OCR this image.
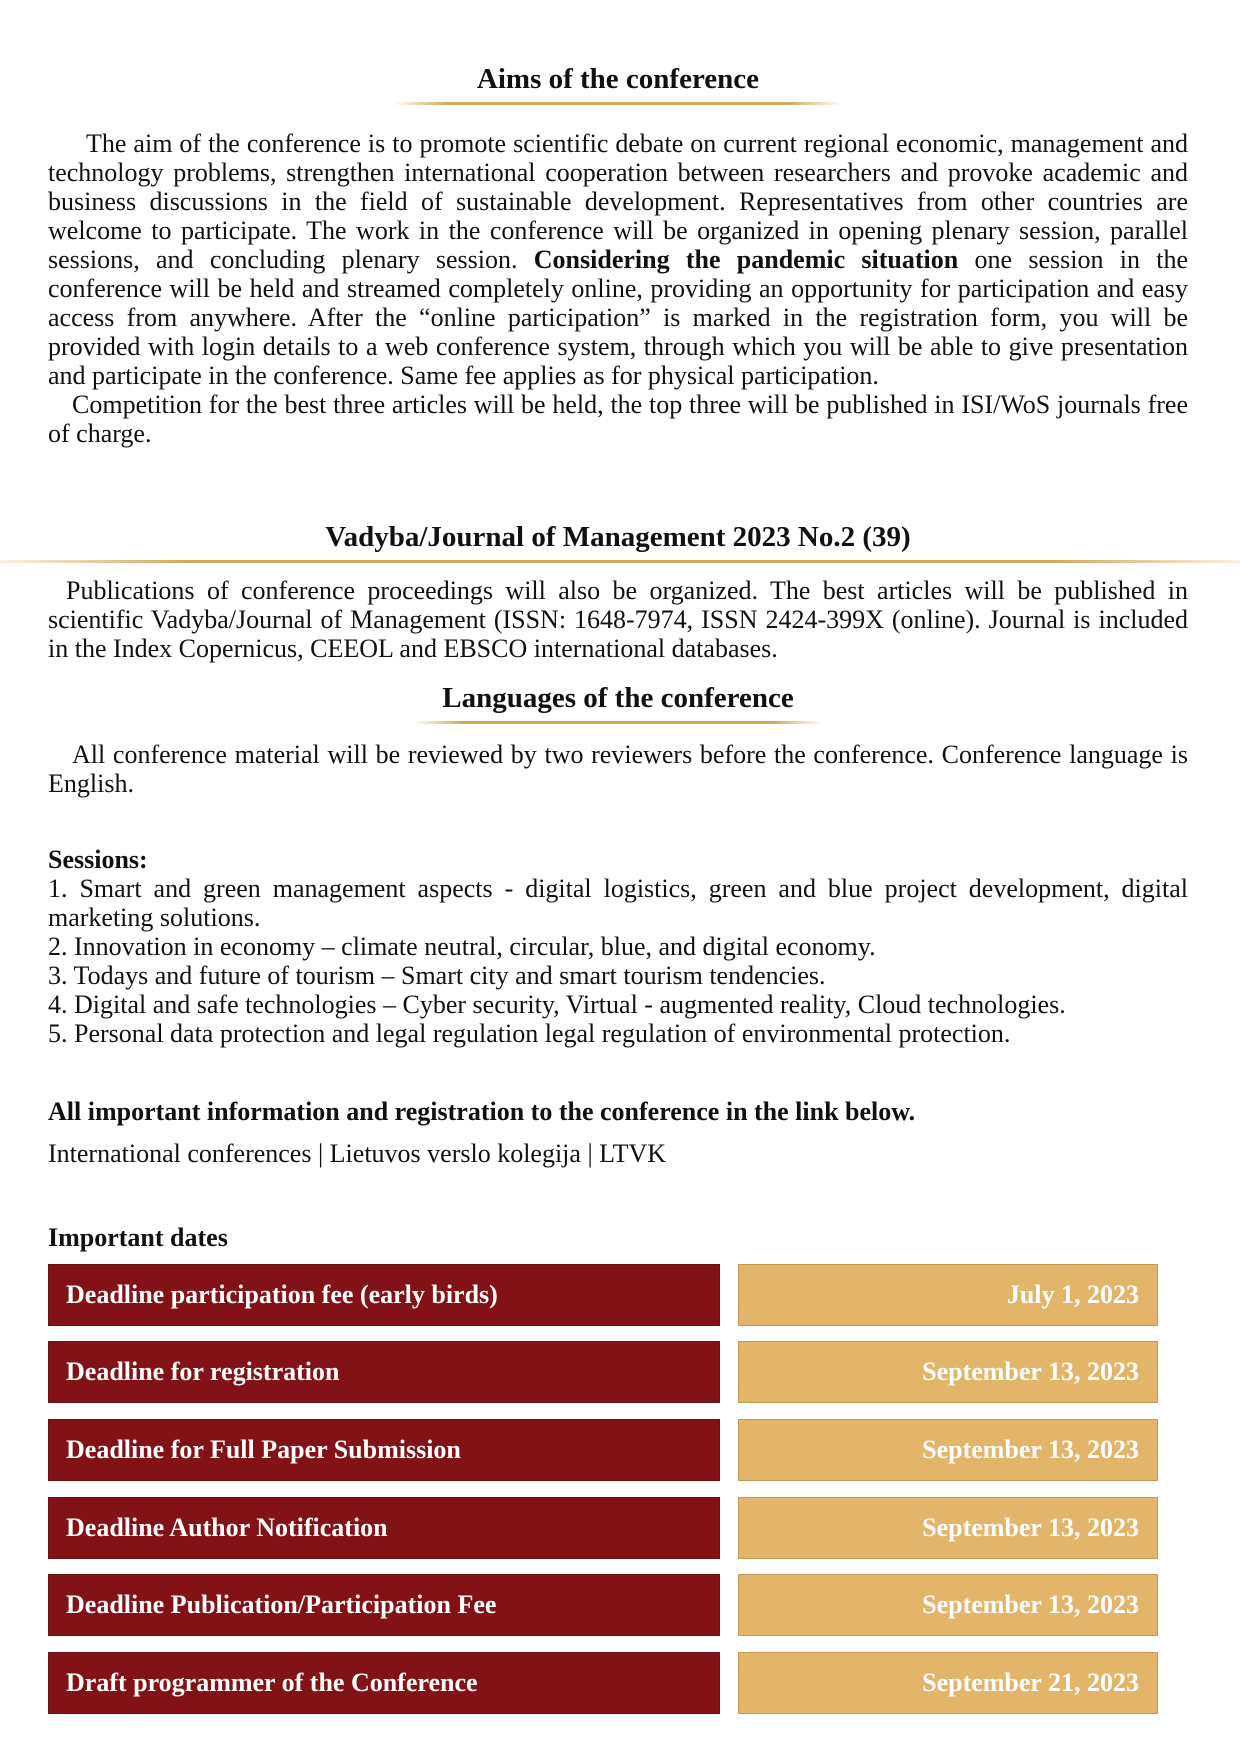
Aims of the conference

The aim of the conference is to promote scientific debate on current regional economic, management and technology problems, strengthen international cooperation between researchers and provoke academic and business discussions in the field of sustainable development. Representatives from other countries are welcome to participate. The work in the conference will be organized in opening plenary session, parallel sessions, and concluding plenary session. Considering the pandemic situation one session in the conference will be held and streamed completely online, providing an opportunity for participation and easy access from anywhere. After the “online participation” is marked in the registration form, you will be provided with login details to a web conference system, through which you will be able to give presentation and participate in the conference. Same fee applies as for physical participation.

Competition for the best three articles will be held, the top three will be published in ISI/WoS journals free of charge.

Vadyba/Journal of Management 2023 No.2 (39)

Publications of conference proceedings will also be organized. The best articles will be published in scientific Vadyba/Journal of Management (ISSN: 1648-7974, ISSN 2424-399X (online). Journal is included in the Index Copernicus, CEEOL and EBSCO international databases.

Languages of the conference

All conference material will be reviewed by two reviewers before the conference. Conference language is English.

Sessions:
1. Smart and green management aspects - digital logistics, green and blue project development, digital marketing solutions.
2. Innovation in economy – climate neutral, circular, blue, and digital economy.
3. Todays and future of tourism – Smart city and smart tourism tendencies.
4. Digital and safe technologies – Cyber security, Virtual - augmented reality, Cloud technologies.
5. Personal data protection and legal regulation legal regulation of environmental protection.
All important information and registration to the conference in the link below.
International conferences | Lietuvos verslo kolegija | LTVK
Important dates
Deadline participation fee (early birds)	July 1, 2023
Deadline for registration	September 13, 2023
Deadline for Full Paper Submission	September 13, 2023
Deadline Author Notification	September 13, 2023
Deadline Publication/Participation Fee	September 13, 2023
Draft programmer of the Conference	September 21, 2023
